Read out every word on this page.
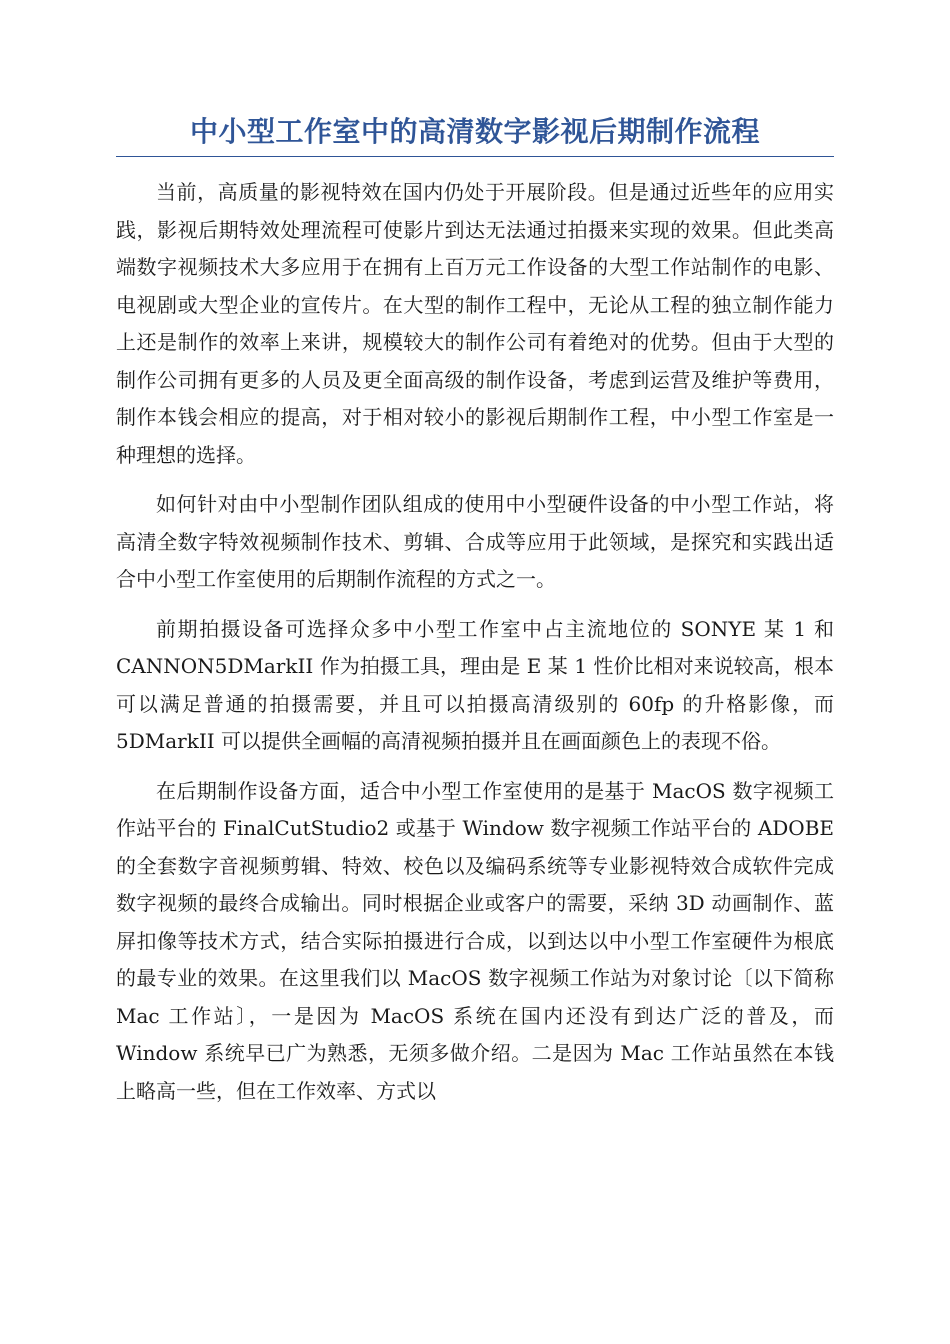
中小型工作室中的高清数字影视后期制作流程

当前，高质量的影视特效在国内仍处于开展阶段。但是通过近些年的应用实践，影视后期特效处理流程可使影片到达无法通过拍摄来实现的效果。但此类高端数字视频技术大多应用于在拥有上百万元工作设备的大型工作站制作的电影、电视剧或大型企业的宣传片。在大型的制作工程中，无论从工程的独立制作能力上还是制作的效率上来讲，规模较大的制作公司有着绝对的优势。但由于大型的制作公司拥有更多的人员及更全面高级的制作设备，考虑到运营及维护等费用，制作本钱会相应的提高，对于相对较小的影视后期制作工程，中小型工作室是一种理想的选择。

如何针对由中小型制作团队组成的使用中小型硬件设备的中小型工作站，将高清全数字特效视频制作技术、剪辑、合成等应用于此领域，是探究和实践出适合中小型工作室使用的后期制作流程的方式之一。

前期拍摄设备可选择众多中小型工作室中占主流地位的 SONYE 某 1 和 CANNON5DMarkII 作为拍摄工具，理由是 E 某 1 性价比相对来说较高，根本可以满足普通的拍摄需要，并且可以拍摄高清级别的 60fp 的升格影像，而 5DMarkII 可以提供全画幅的高清视频拍摄并且在画面颜色上的表现不俗。

在后期制作设备方面，适合中小型工作室使用的是基于 MacOS 数字视频工作站平台的 FinalCutStudio2 或基于 Window 数字视频工作站平台的 ADOBE 的全套数字音视频剪辑、特效、校色以及编码系统等专业影视特效合成软件完成数字视频的最终合成输出。同时根据企业或客户的需要，采纳 3D 动画制作、蓝屏扣像等技术方式，结合实际拍摄进行合成，以到达以中小型工作室硬件为根底的最专业的效果。在这里我们以 MacOS 数字视频工作站为对象讨论〔以下简称 Mac 工作站〕，一是因为 MacOS 系统在国内还没有到达广泛的普及，而 Window 系统早已广为熟悉，无须多做介绍。二是因为 Mac 工作站虽然在本钱上略高一些，但在工作效率、方式以
